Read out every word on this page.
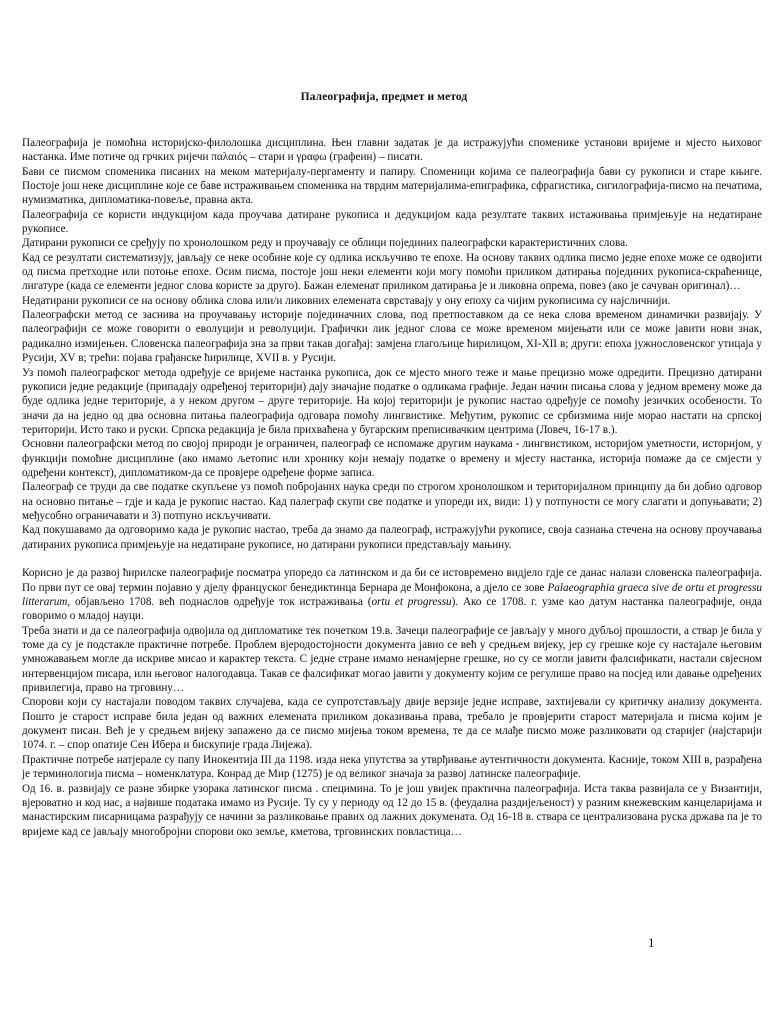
Палеографија, предмет и метод

Палеографија је помоћна историјско-филолошка дисциплина. Њен главни задатак је да истражујући споменике установи вријеме и мјесто њиховог настанка. Име потиче од грчких ријечи παλαιός – стари и γραφω (графеин) – писати.

Бави се писмом споменика писаних на меком материјалу-пергаменту и папиру. Споменици којима се палеографија бави су рукописи и старе књиге. Постоје још неке дисциплине које се баве истраживањем споменика на тврдим материјалима-епиграфика, сфрагистика, сигилографија-писмо на печатима, нумизматика, дипломатика-повеље, правна акта.

Палеографија се користи индукцијом када проучава датиране рукописа и дедукцијом када резултате таквих истаживања примјењује на недатиране рукописе.

Датирани рукописи се сређују по хронолошком реду и проучавају се облици појединих палеографски карактеристичних слова.

Кад се резултати систематизују, јављају се неке особине које су одлика искључиво те епохе. На основу таквих одлика писмо једне епохе може се одвојити од писма претходне или потоње епохе. Осим писма, постоје још неки елементи који могу помоћи приликом датирања појединих рукописа-скраћенице, лигатуре (када се елементи једног слова користе за друго). Бажан елеменат приликом датирања је и ликовна опрема, повез (ако је сачуван оригинал)…

Недатирани рукописи се на основу облика слова или/и ликовних елемената сврставају у ону епоху са чијим рукописима су најсличнији.

Палеографски метод се заснива на проучавању историје појединачних слова, под претпоставком да се нека слова временом динамички развијају. У палеографији се може говорити о еволуцији и револуцији. Графички лик једног слова се може временом мијењати или се може јавити нови знак, радикално измијењен. Словенска палеографија зна за први такав догађај: замјена глагољице ћирилицом, XI-XII в; други: епоха јужнословенског утицаја у Русији, XV в; трећи: појава грађанске ћирилице, XVII в. у Русији.

Уз помоћ палеографског метода одређује се вријеме настанка рукописа, док се мјесто много теже и мање прецизно може одредити. Прецизно датирани рукописи једне редакције (припадају одређеној територији) дају значајне податке о одликама графије. Један начин писања слова у једном времену може да буде одлика једне територије, а у неком другом – друге територије. На којој територији је рукопис настао одређује се помоћу језичких особености. То значи да на једно од два основна питања палеографија одговара помоћу лингвистике. Међутим, рукопис се србизмима није морао настати на српској територији. Исто тако и руски. Српска редакција је била прихваћена у бугарским преписивачким центрима (Ловеч, 16-17 в.).

Основни палеографски метод по својој природи је ограничен, палеограф се испомаже другим наукама - лингвистиком, историјом уметности, историјом, у функцији помоћне дисциплине (ако имамо љетопис или хронику који немају податке о времену и мјесту настанка, историја помаже да се смјести у одређени контекст), дипломатиком-да се провјере одређене форме записа.

Палеограф се труди да све податке скупљене уз помоћ побројаних наука среди по строгом хронолошком и територијалном принципу да би добио одговор на основно питање – гдје и када је рукопис настао. Кад палеграф скупи све податке и упореди их, види: 1) у потпуности се могу слагати и допуњавати; 2) међусобно ограничавати и 3) потпуно искључивати.

Кад покушавамо да одговоримо када је рукопис настао, треба да знамо да палеограф, истражујући рукописе, своја сазнања стечена на основу проучавања датираних рукописа примјењује на недатиране рукописе, но датирани рукописи представљају мањину.

Корисно је да развој ћирилске палеографије посматра упоредо са латинском и да би се истовремено видјело гдје се данас налази словенска палеографија. По први пут се овај термин појавио у дјелу француског бенедиктинца Бернара де Монфокона, а дјело се зове Palaeographia graeca sive de ortu et progressu litterarum, објављено 1708. већ поднаслов одређује ток истраживања (ortu et progressu). Ако се 1708. г. узме као датум настанка палеографије, онда говоримо о младој науци.

Треба знати и да се палеографија одвојила од дипломатике тек почетком 19.в. Зачеци палеографије се јављају у много дубљој прошлости, а ствар је била у томе да су је подстакле практичне потребе. Проблем вјеродостојности документа јавио се већ у средњем вијеку, јер су грешке које су настајале његовим умножавањем могле да искриве мисао и карактер текста. С једне стране имамо ненамјерне грешке, но су се могли јавити фалсификати, настали свјесном интервенцијом писара, или његовог налогодавца. Такав се фалсификат могао јавити у документу којим се регулише право на посјед или давање одређених привилегија, право на трговину…

Спорови који су настајали поводом таквих случајева, када се супротстављају двије верзије једне исправе, захтијевали су критичку анализу документа. Пошто је старост исправе била један од важних елемената приликом доказивања права, требало је провјерити старост материјала и писма којим је документ писан. Већ је у средњем вијеку запажено да се писмо мијења током времена, те да се млађе писмо може разликовати од старијег (најстарији 1074. г. – спор опатије Сен Ибера и бискупије града Лијежа).

Практичне потребе натјерале су папу Инокентија III да 1198. изда нека упутства за утврђивање аутентичности документа. Касније, током XIII в, разрађена је терминологија писма – номенклатура. Конрад де Мир (1275) је од великог значаја за развој латинске палеографије.

Од 16. в. развијају се разне збирке узорака латинског писма . специмина. То је још увијек практична палеографија. Иста таква развијала се у Византији, вјероватно и код нас, а највише података имамо из Русије. Ту су у периоду од 12 до 15 в. (феудална раздијељеност) у разним кнежевским канцеларијама и манастирским писарницама разрађују се начини за разликовање правих од лажних докумената. Од 16-18 в. ствара се централизована руска држава па је то вријеме кад се јављају многобројни спорови око земље, кметова, трговинских повластица…

1
